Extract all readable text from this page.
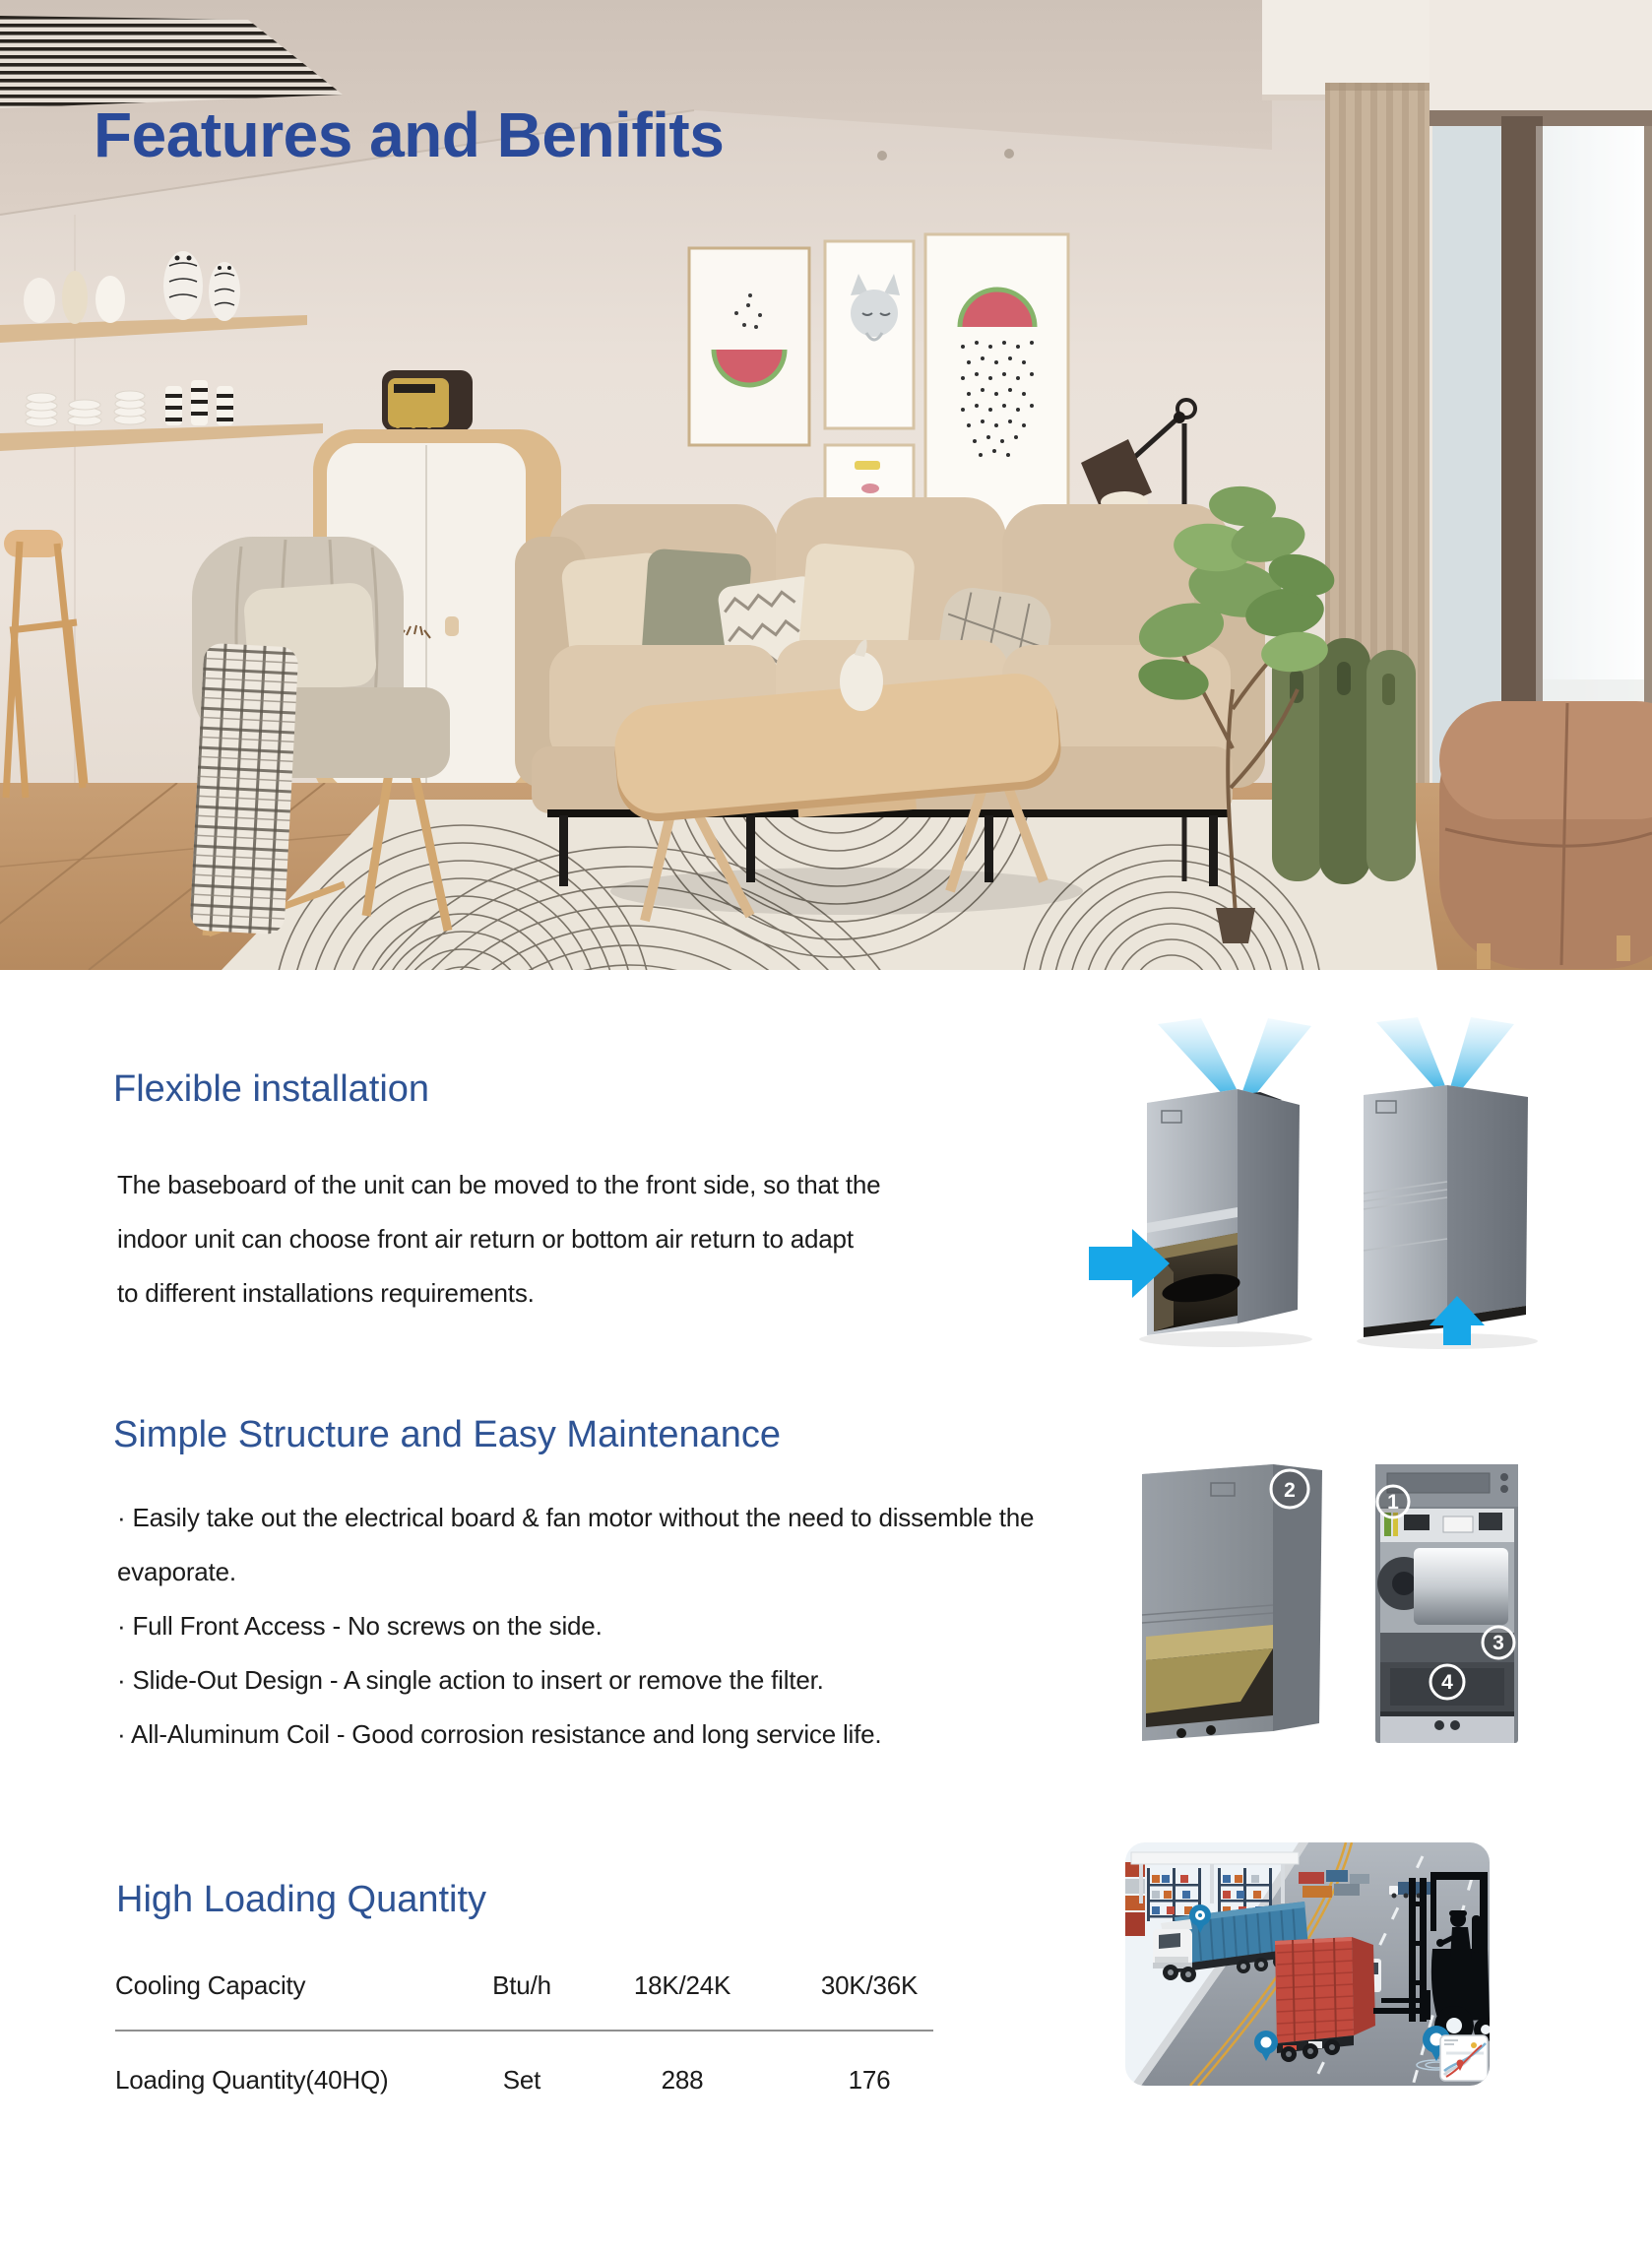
Features and Benifits
Flexible installation
The baseboard of the unit can be moved to the front side, so that the
indoor unit can choose front air return or bottom air return to adapt
to different installations requirements.
Simple Structure and Easy Maintenance
· Easily take out the electrical board & fan motor without the need to dissemble the evaporate.
· Full Front Access - No screws on the side.
· Slide-Out Design - A single action to insert or remove the filter.
· All-Aluminum Coil - Good corrosion resistance and long service life.
2
1
3
4
High Loading Quantity
Cooling Capacity	Btu/h	18K/24K	30K/36K
Loading Quantity(40HQ)	Set	288	176
